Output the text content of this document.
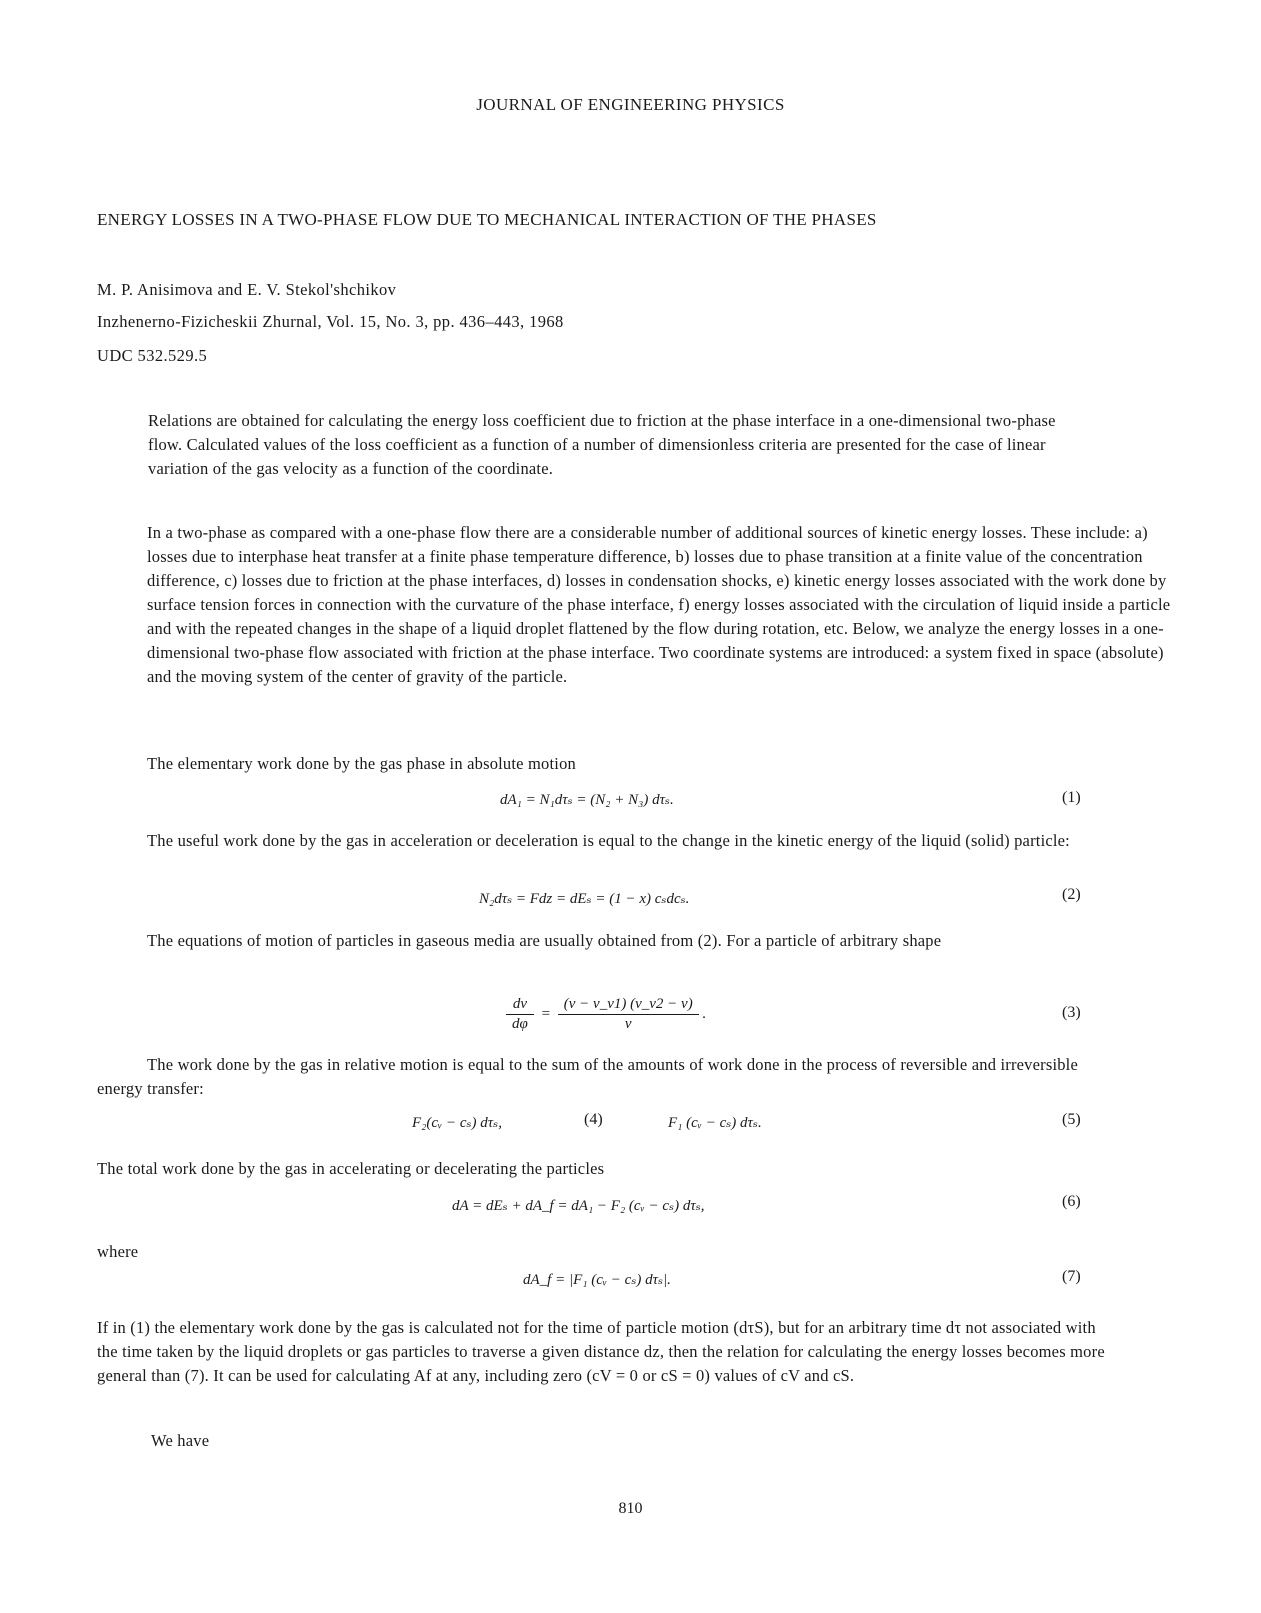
JOURNAL OF ENGINEERING PHYSICS
ENERGY LOSSES IN A TWO-PHASE FLOW DUE TO MECHANICAL INTERACTION OF THE PHASES
M. P. Anisimova and E. V. Stekol'shchikov
Inzhenerno-Fizicheskii Zhurnal, Vol. 15, No. 3, pp. 436–443, 1968
UDC 532.529.5
Relations are obtained for calculating the energy loss coefficient due to friction at the phase interface in a one-dimensional two-phase flow. Calculated values of the loss coefficient as a function of a number of dimensionless criteria are presented for the case of linear variation of the gas velocity as a function of the coordinate.
In a two-phase as compared with a one-phase flow there are a considerable number of additional sources of kinetic energy losses. These include: a) losses due to interphase heat transfer at a finite phase temperature difference, b) losses due to phase transition at a finite value of the concentration difference, c) losses due to friction at the phase interfaces, d) losses in condensation shocks, e) kinetic energy losses associated with the work done by surface tension forces in connection with the curvature of the phase interface, f) energy losses associated with the circulation of liquid inside a particle and with the repeated changes in the shape of a liquid droplet flattened by the flow during rotation, etc. Below, we analyze the energy losses in a one-dimensional two-phase flow associated with friction at the phase interface. Two coordinate systems are introduced: a system fixed in space (absolute) and the moving system of the center of gravity of the particle.
The elementary work done by the gas phase in absolute motion
dA₁ = N₁dτₛ = (N₂ + N₃) dτₛ.	(1)
The useful work done by the gas in acceleration or deceleration is equal to the change in the kinetic energy of the liquid (solid) particle:
N₂dτₛ = Fdz = dEₛ = (1 − x) cₛdcₛ.	(2)
The equations of motion of particles in gaseous media are usually obtained from (2). For a particle of arbitrary shape
$\frac{d\nu}{d\varphi} = \frac{(\nu - \nu\_\nu 1) (\nu\_\nu 2 - \nu)}{\nu}$ .	(3)
The work done by the gas in relative motion is equal to the sum of the amounts of work done in the process of reversible and irreversible energy transfer:
F₂(cᵥ − cₛ) dτₛ,	(4)	F₁ (cᵥ − cₛ) dτₛ.	(5)
The total work done by the gas in accelerating or decelerating the particles
dA = dEₛ + dA_f = dA₁ − F₂ (cᵥ − cₛ) dτₛ,	(6)
where
dA_f = |F₁ (cᵥ − cₛ) dτₛ|.	(7)
If in (1) the elementary work done by the gas is calculated not for the time of particle motion (dτS), but for an arbitrary time dτ not associated with the time taken by the liquid droplets or gas particles to traverse a given distance dz, then the relation for calculating the energy losses becomes more general than (7). It can be used for calculating Af at any, including zero (cV = 0 or cS = 0) values of cV and cS.
We have
810
